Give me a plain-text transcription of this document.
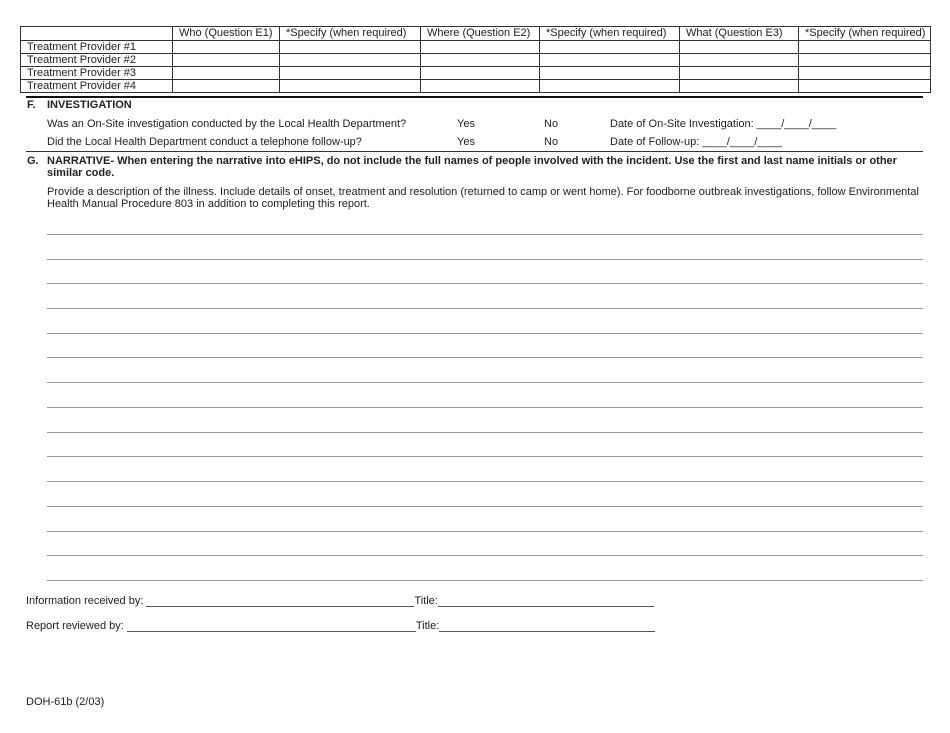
	Who (Question E1)	*Specify (when required)	Where (Question E2)	*Specify (when required)	What (Question E3)	*Specify (when required)
Treatment Provider #1						
Treatment Provider #2						
Treatment Provider #3						
Treatment Provider #4						
F. INVESTIGATION
Was an On-Site investigation conducted by the Local Health Department?	Yes	No	Date of On-Site Investigation: ____/____/____
Did the Local Health Department conduct a telephone follow-up?	Yes	No	Date of Follow-up: ____/____/____
G. NARRATIVE- When entering the narrative into eHIPS, do not include the full names of people involved with the incident. Use the first and last name initials or other similar code.
Provide a description of the illness. Include details of onset, treatment and resolution (returned to camp or went home). For foodborne outbreak investigations, follow Environmental Health Manual Procedure 803 in addition to completing this report.
Information received by:	Title:
Report reviewed by:	Title:
DOH-61b (2/03)
